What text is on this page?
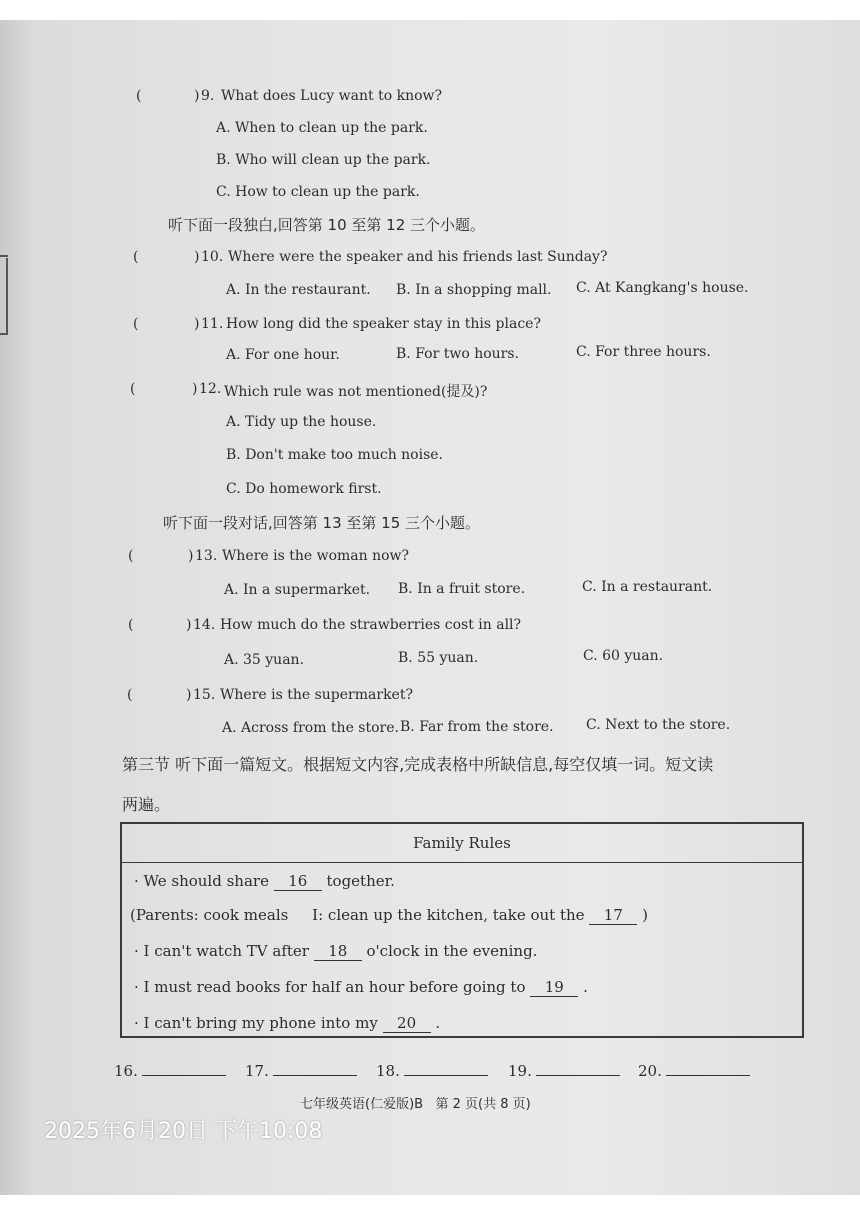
(	) 9. What does Lucy want to know?
A. When to clean up the park.
B. Who will clean up the park.
C. How to clean up the park.
听下面一段独白,回答第 10 至第 12 三个小题。
(	) 10. Where were the speaker and his friends last Sunday?
A. In the restaurant. B. In a shopping mall. C. At Kangkang's house.
(	) 11. How long did the speaker stay in this place?
A. For one hour.	B. For two hours.	C. For three hours.
(	) 12. Which rule was not mentioned(提及)?
A. Tidy up the house.
B. Don't make too much noise.
C. Do homework first.
听下面一段对话,回答第 13 至第 15 三个小题。
(	) 13. Where is the woman now?
A. In a supermarket. B. In a fruit store.	C. In a restaurant.
(	) 14. How much do the strawberries cost in all?
A. 35 yuan.	B. 55 yuan.	C. 60 yuan.
(	) 15. Where is the supermarket?
A. Across from the store. B. Far from the store. C. Next to the store.
第三节 听下面一篇短文。根据短文内容,完成表格中所缺信息,每空仅填一词。短文读
两遍。
Family Rules
· We should share 16 together.
(Parents: cook meals     I: clean up the kitchen, take out the 17 )
· I can't watch TV after 18 o'clock in the evening.
· I must read books for half an hour before going to 19 .
· I can't bring my phone into my 20 .
16.	17.	18.	19.	20.
七年级英语(仁爱版)B   第 2 页(共 8 页)
2025年6月20日 下午10:08
